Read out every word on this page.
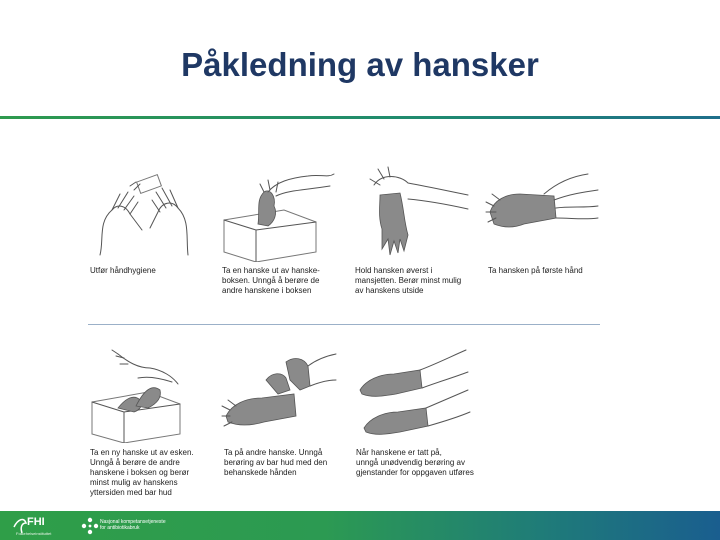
Påkledning av hansker
Utfør håndhygiene	Ta en hanske ut av hanske-
boksen. Unngå å berøre de
andre hanskene i boksen
Hold hansken øverst i
mansjetten. Berør minst mulig
av hanskens utside
Ta hansken på første hånd
Ta en ny hanske ut av esken.
Unngå å berøre de andre
hanskene i boksen og berør
minst mulig av hanskens
yttersiden med bar hud
Ta på andre hanske. Unngå
berøring av bar hud med den
behanskede hånden
Når hanskene er tatt på,
unngå unødvendig berøring av
gjenstander for oppgaven utføres
FHI
Folkehelseinstituttet
Nasjonal kompetansetjeneste
for antibiotikabruk
